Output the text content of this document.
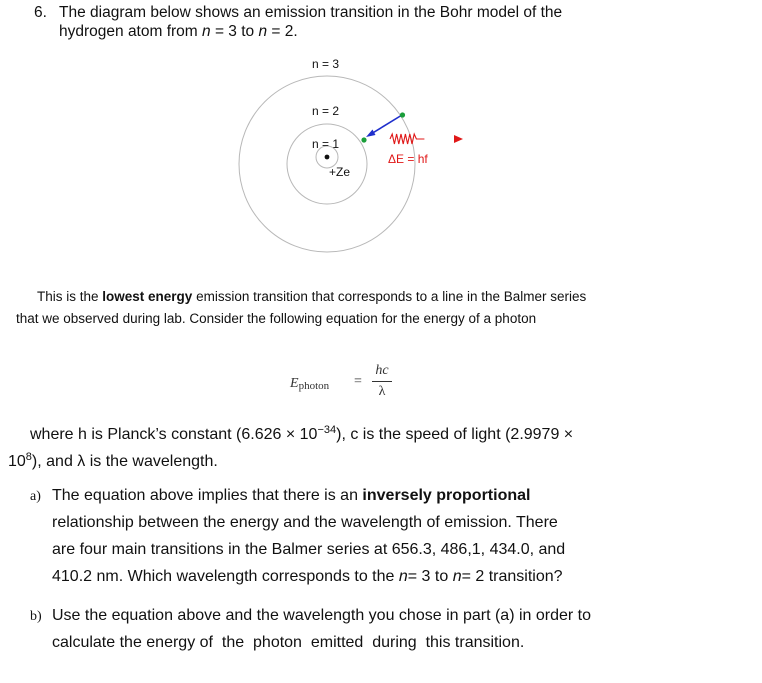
6. The diagram below shows an emission transition in the Bohr model of the
hydrogen atom from n = 3 to n = 2.
n = 3
n = 2
n = 1
+Ze
ΔE = hf
This is the lowest energy emission transition that corresponds to a line in the Balmer series
that we observed during lab. Consider the following equation for the energy of a photon
$E_{photon}$ =
hc
λ
where h is Planck’s constant $(6.626 \times 10^{-34})$, c is the speed of light (2.9979 ×
$10^8$), and λ is the wavelength.
a) The equation above implies that there is an inversely proportional
relationship between the energy and the wavelength of emission. There
are four main transitions in the Balmer series at 656.3, 486,1, 434.0, and
410.2 nm. Which wavelength corresponds to the n= 3 to n= 2 transition?
b) Use the equation above and the wavelength you chose in part (a) in order to
calculate the energy of  the  photon  emitted  during  this transition.
